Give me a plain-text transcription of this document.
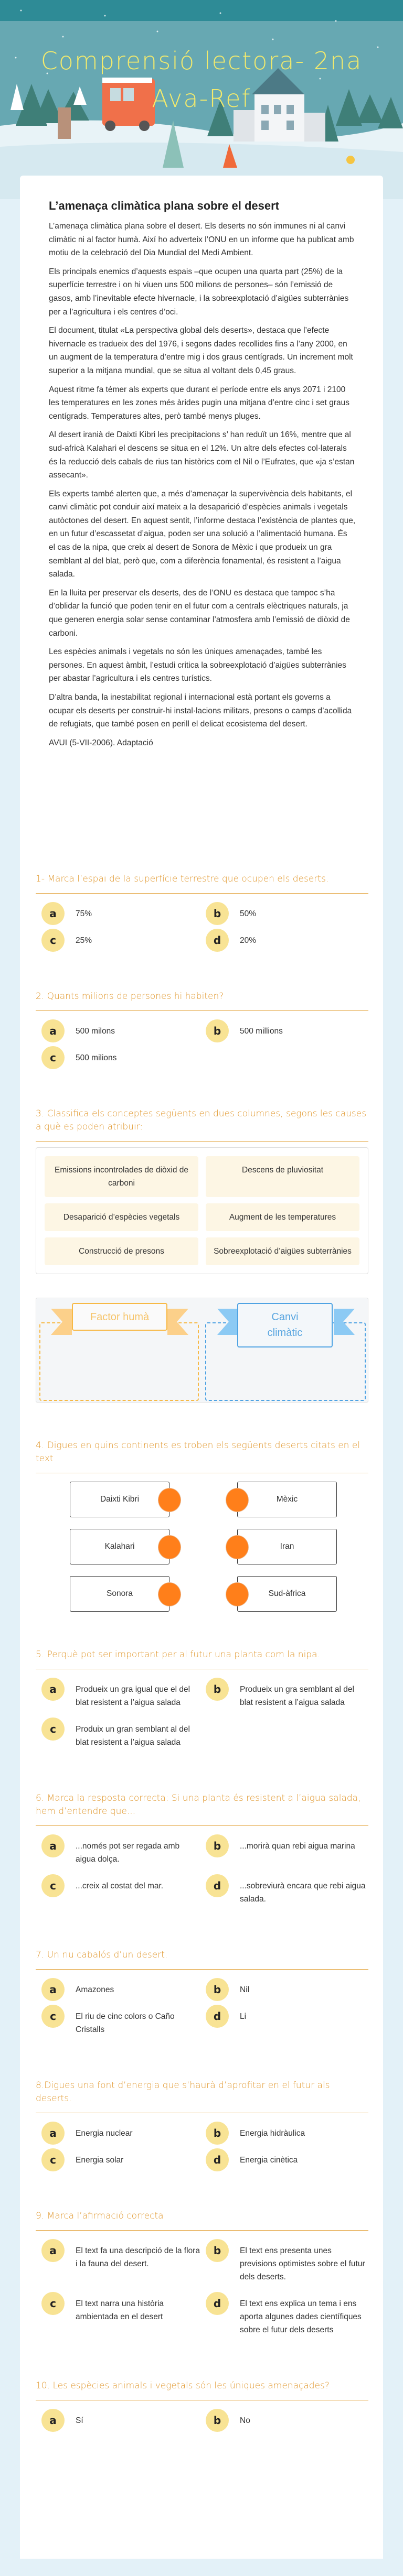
Comprensió lectora- 2na
Ava-Ref
L’amenaça climàtica plana sobre el desert

L’amenaça climàtica plana sobre el desert. Els deserts no són immunes ni al canvi climàtic ni al factor humà. Així ho adverteix l’ONU en un informe que ha publicat amb motiu de la celebració del Dia Mundial del Medi Ambient.

Els principals enemics d’aquests espais –que ocupen una quarta part (25%) de la superfície terrestre i on hi viuen uns 500 milions de persones– són l’emissió de gasos, amb l’inevitable efecte hivernacle, i la sobreexplotació d’aigües subterrànies per a l’agricultura i els centres d’oci.

El document, titulat «La perspectiva global dels deserts», destaca que l’efecte hivernacle es tradueix des del 1976, i segons dades recollides fins a l’any 2000, en un augment de la temperatura d’entre mig i dos graus centígrads. Un increment molt superior a la mitjana mundial, que se situa al voltant dels 0,45 graus.

Aquest ritme fa témer als experts que durant el període entre els anys 2071 i 2100 les temperatures en les zones més àrides pugin una mitjana d’entre cinc i set graus centígrads. Temperatures altes, però també menys pluges.

Al desert iranià de Daixti Kibri les precipitacions s’ han reduït un 16%, mentre que al sud-africà Kalahari el descens se situa en el 12%. Un altre dels efectes col·laterals és la reducció dels cabals de rius tan històrics com el Nil o l’Eufrates, que «ja s’estan assecant».

Els experts també alerten que, a més d’amenaçar la supervivència dels habitants, el canvi climàtic pot conduir així mateix a la desaparició d’espècies animals i vegetals autòctones del desert. En aquest sentit, l’informe destaca l’existència de plantes que, en un futur d’escassetat d’aigua, poden ser una solució a l’alimentació humana. És el cas de la nipa, que creix al desert de Sonora de Mèxic i que produeix un gra semblant al del blat, però que, com a diferència fonamental, és resistent a l’aigua salada.

En la lluita per preservar els deserts, des de l’ONU es destaca que tampoc s’ha d’oblidar la funció que poden tenir en el futur com a centrals elèctriques naturals, ja que generen energia solar sense contaminar l’atmosfera amb l’emissió de diòxid de carboni.

Les espècies animals i vegetals no són les úniques amenaçades, també les persones. En aquest àmbit, l’estudi critica la sobreexplotació d’aigües subterrànies per abastar l’agricultura i els centres turístics.

D’altra banda, la inestabilitat regional i internacional està portant els governs a ocupar els deserts per construir-hi instal·lacions militars, presons o camps d’acollida de refugiats, que també posen en perill el delicat ecosistema del desert.

AVUI (5-VII-2006). Adaptació

1- Marca l’espai de la superfície terrestre que ocupen els deserts.
a	75%	b	50%
c	25%	d	20%
2. Quants milions de persones hi habiten?
a	500 milons	b	500 millions
c	500 milions
3. Classifica els conceptes següents en dues columnes, segons les causes a què es poden atribuir:
Emissions incontrolades de diòxid de carboni
Descens de pluviositat
Desaparició d’espècies vegetals	Augment de les temperatures
Construcció de presons	Sobreexplotació d’aigües subterrànies
Factor humà	Canvi climàtic
4. Digues en quins continents es troben els següents deserts citats en el text
Daixti Kibri	Mèxic
Kalahari	Iran
Sonora	Sud-àfrica
5. Perquè pot ser important per al futur una planta com la nipa.
a	Produeix un gra igual que el del blat resistent a l’aigua salada
b	Produeix un gra semblant al del blat resistent a l’aigua salada
c	Produix un gran semblant al del blat resistent a l’aigua salada
6. Marca la resposta correcta: Si una planta és resistent a l’aigua salada, hem d’entendre que...
a	...només pot ser regada amb aigua dolça.
b	...morirà quan rebi aigua marina
c	...creix al costat del mar.	d	...sobreviurà encara que rebi aigua salada.
7. Un riu cabalós d’un desert.
a	Amazones	b	Nil
c	El riu de cinc colors o Caño Cristalls
d	Li
8.Digues una font d’energia que s’haurà d’aprofitar en el futur als deserts.
a	Energia nuclear	b	Energia hidràulica
c	Energia solar	d	Energia cinètica
9. Marca l’afirmació correcta
a	El text fa una descripció de la flora i la fauna del desert.
b	El text ens presenta unes previsions optimistes sobre el futur dels deserts.
c	El text narra una història ambientada en el desert
d	El text ens explica un tema i ens aporta algunes dades científiques sobre el futur dels deserts
10. Les espècies animals i vegetals són les úniques amenaçades?
a	Sí	b	No
